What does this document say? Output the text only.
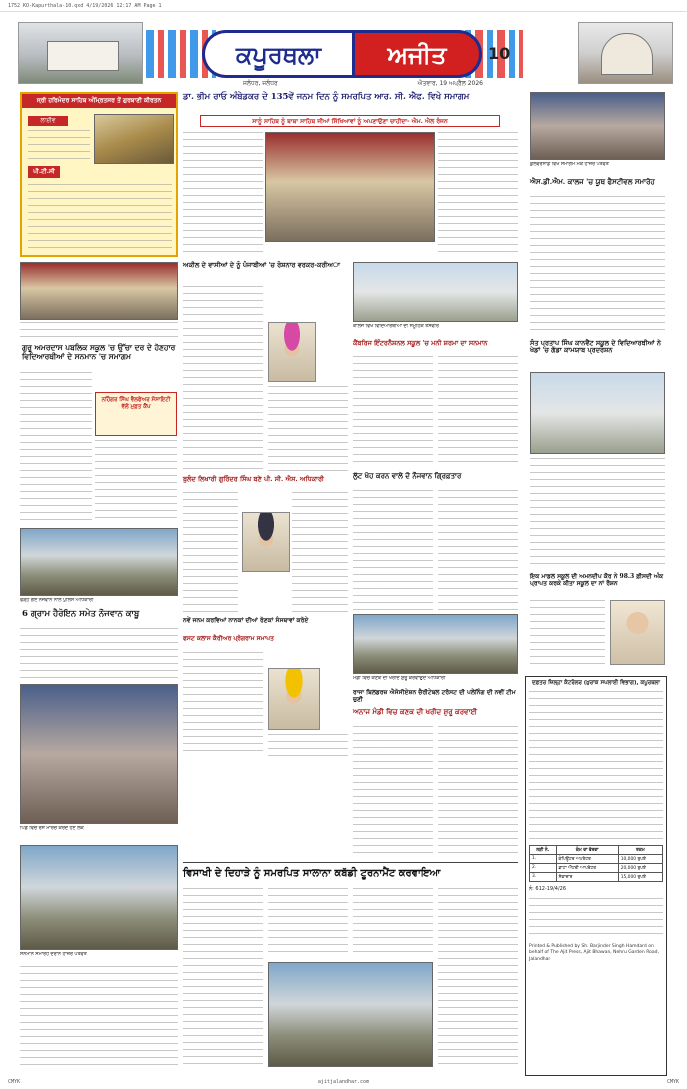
1752 KO-Kapurthala-10.qxd 4/19/2026 12:17 AM Page 1
ਕਪੂਰਥਲਾ	ਅਜੀਤ
ਜਲੰਧਰ, ਜਲੰਧਰ	ਐਤਵਾਰ, 19 ਅਪ੍ਰੈਲ 2026
10
ਸ੍ਰੀ ਹਰਿਮੰਦਰ ਸਾਹਿਬ ਅੰਮ੍ਰਿਤਸਰ ਤੋਂ ਗੁਰਬਾਣੀ ਕੀਰਤਨ
ਲਾਈਵ
ਪੀ.ਟੀ.ਸੀ
ਡਾ. ਭੀਮ ਰਾਓ ਅੰਬੇਡਕਰ ਦੇ 135ਵੇਂ ਜਨਮ ਦਿਨ ਨੂੰ ਸਮਰਪਿਤ ਆਰ. ਸੀ. ਐਫ. ਵਿਖੇ ਸਮਾਗਮ
ਸਾਨੂੰ ਸਾਹਿਬ ਨੂੰ ਬਾਬਾ ਸਾਹਿਬ ਜੀਆਂ ਸਿੱਖਿਆਵਾਂ ਨੂੰ ਅਪਣਾਉਣਾ ਚਾਹੀਦਾ- ਐਮ. ਐਲ ਰੰਜਨ
ਕੁਲਵਰਸਾਡ ਵਿਖੇ ਸਮਾਗਮ ਮੌਕੇ ਹਾਜ਼ਰ ਪਤਵੰਤੇ
ਐਸ.ਡੀ.ਐਮ. ਕਾਲਜ 'ਚ ਯੂਥ ਫੈਸਟੀਵਲ ਸਮਾਰੋਹ
ਗੁਰੂ ਅਮਰਦਾਸ ਪਬਲਿਕ ਸਕੂਲ 'ਚ ਉੱਚਾ ਦਰ ਦੇ ਹੋਣਹਾਰ ਵਿਦਿਆਰਥੀਆਂ ਦੇ ਸਨਮਾਨ 'ਚ ਸਮਾਗਮ
ਨਹਿੰਗਰ ਸਿੰਘ ਵੈਲਫੇਅਰ ਸੋਸਾਇਟੀ ਵੱਲੋਂ ਮੁਫ਼ਤ ਕੈਂਪ
ਫੜ੍ਹੇ ਗਏ ਨੌਜਵਾਨ ਨਾਲ ਪੁਲਿਸ ਅਧਿਕਾਰੀ
6 ਗ੍ਰਾਮ ਹੈਰੋਇਨ ਸਮੇਤ ਨੌਜਵਾਨ ਕਾਬੂ
ਅਕੀਲ ਦੇ ਵਾਸੀਆਂ ਦੇ ਨੂੰ ਪੰਜਾਬੀਆਂ 'ਚ ਰੋਸ਼ਨਾਰ ਵਰਕਰ-ਕਰੀਅਾ
ਬੁਲੰਦ ਲਿਖਾਰੀ ਗੁਰਿੰਦਰ ਸਿੰਘ ਬਣੇ ਪੀ. ਸੀ. ਐਸ. ਅਧਿਕਾਰੀ
ਕਾਲਜ ਵਿਖੇ ਵਿਦਿਆਰਥੀਆਂ ਦੀ ਸਮੂਹਿਕ ਤਸਵੀਰ
ਕੈਂਬਰਿਜ ਇੰਟਰਨੈਸ਼ਨਲ ਸਕੂਲ 'ਚ ਮਨੀ ਸ਼ਰਮਾ ਦਾ ਸਨਮਾਨ	ਸੰਤ ਪ੍ਰਤਾਪ ਸਿੰਘ ਕਾਨਵੈਂਟ ਸਕੂਲ ਦੇ ਵਿਦਿਆਰਥੀਆਂ ਨੇ ਖੇਡਾਂ 'ਚ ਗੱਡਾ ਕਾਮਯਾਬ ਪ੍ਰਦਰਸ਼ਨ
ਇਕ ਮਾਡਲ ਸਕੂਲ ਦੀ ਅਮਨਦੀਪ ਕੌਰ ਨੇ 98.3 ਫ਼ੀਸਦੀ ਅੰਕ ਪ੍ਰਾਪਤ ਕਰਕੇ ਕੀਤਾ ਸਕੂਲ ਦਾ ਨਾਂ ਰੌਸ਼ਨ
ਲੁੱਟ ਖੋਹ ਕਰਨ ਵਾਲੇ ਦੋ ਨੌਜਵਾਨ ਗ੍ਰਿਫ਼ਤਾਰ
ਨਵੇਂ ਜਨਮ ਕਰਵਿਆਂ ਨਾਨਕਾਂ ਦੀਆਂ ਰੋਣਕਾਂ ਸੰਸਥਾਵਾਂ ਕਰੋਏ
ਫਸਟ ਕਲਾਸ ਕੈਰੀਅਰ ਪ੍ਰੋਗਰਾਮ ਸਮਾਪਤ
ਮੰਡੀ ਵਿਚ ਕਣਕ ਦੀ ਖਰੀਦ ਸ਼ੁਰੂ ਕਰਵਾਉਂਦੇ ਅਧਿਕਾਰੀ
ਰਾਜਾ ਬਿਲਡਰਜ਼ ਐਸੋਸੀਏਸ਼ਨ ਚੈਰੀਟੇਬਲ ਟਰੱਸਟ ਦੀ ਪਲੇਨਿੰਗ ਦੀ ਨਵੀਂ ਟੀਮ ਚੁਣੀ
ਅਨਾਜ ਮੰਡੀ ਵਿਚ ਕਣਕ ਦੀ ਖਰੀਦ ਸ਼ੁਰੂ ਕਰਵਾਈ
ਦਫ਼ਤਰ ਜ਼ਿਲ੍ਹਾ ਕੰਟਰੋਲਰ (ਖ਼ੁਰਾਕ ਸਪਲਾਈ ਵਿਭਾਗ), ਕਪੂਰਥਲਾ
ਲੜੀ ਨੰ.	ਕੰਮ ਦਾ ਵੇਰਵਾ	ਰਕਮ
1.	ਕੰਪਿਊਟਰ ਅਪਰੇਟਰ	10,000 ਰੁਪਏ
2.	ਡਾਟਾ ਐਂਟਰੀ ਆਪਰੇਟਰ	20,000 ਰੁਪਏ
3.	ਸੇਵਾਦਾਰ	15,000 ਰੁਪਏ
ਨੰ: 612-19/4/26
Printed & Published by Sh. Barjinder Singh Hamdard on behalf of The Ajit Press, Ajit Bhawan, Nehru Garden Road, Jalandhar
ਪਿੰਡ ਵਿਚ ਰੋਸ ਮਾਰਚ ਕਰਦੇ ਹੋਏ ਲੋਕ
ਸਨਮਾਨ ਸਮਾਰੋਹ ਦੌਰਾਨ ਹਾਜ਼ਰ ਪਤਵੰਤੇ
ਵਿਸਾਖੀ ਦੇ ਦਿਹਾੜੇ ਨੂੰ ਸਮਰਪਿਤ ਸਾਲਾਨਾ ਕਬੱਡੀ ਟੂਰਨਾਮੈਂਟ ਕਰਵਾਇਆ
CMYK	ajitjalandhar.com	CMYK
